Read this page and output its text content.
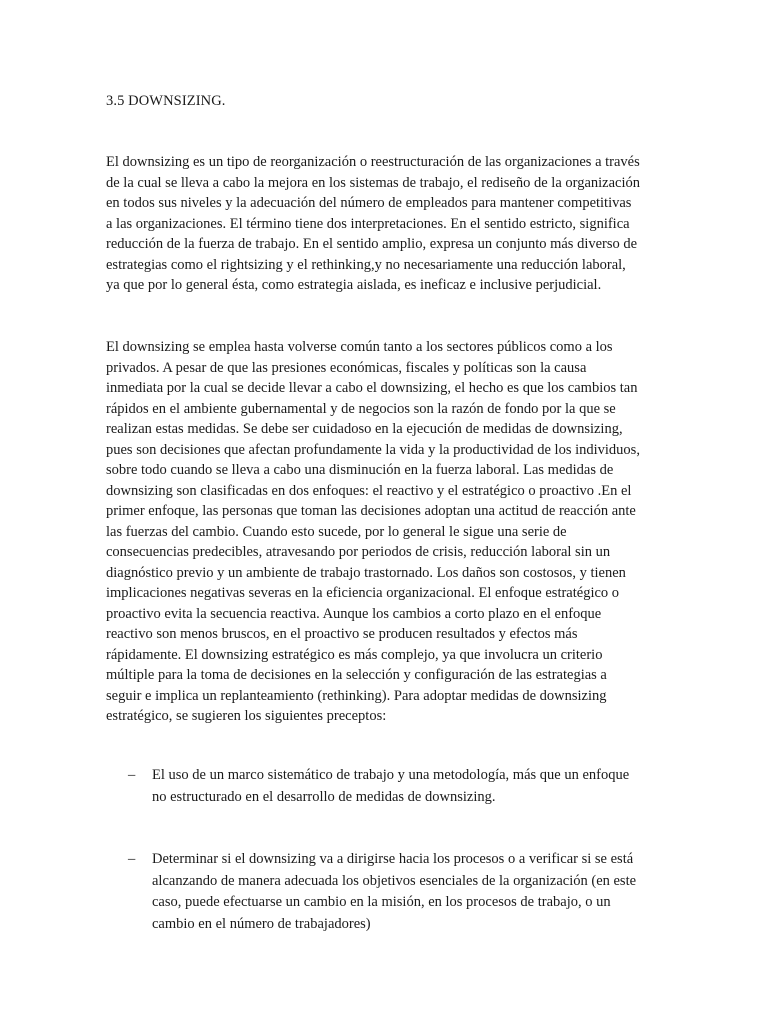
3.5 DOWNSIZING.

El downsizing es un tipo de reorganización o reestructuración de las organizaciones a través
de la cual se lleva a cabo la mejora en los sistemas de trabajo, el rediseño de la organización
en todos sus niveles y la adecuación del número de empleados para mantener competitivas
a las organizaciones. El término tiene dos interpretaciones. En el sentido estricto, significa
reducción de la fuerza de trabajo. En el sentido amplio, expresa un conjunto más diverso de
estrategias como el rightsizing y el rethinking,y no necesariamente una reducción laboral,
ya que por lo general ésta, como estrategia aislada, es ineficaz e inclusive perjudicial.

El downsizing se emplea hasta volverse común tanto a los sectores públicos como a los
privados. A pesar de que las presiones económicas, fiscales y políticas son la causa
inmediata por la cual se decide llevar a cabo el downsizing, el hecho es que los cambios tan
rápidos en el ambiente gubernamental y de negocios son la razón de fondo por la que se
realizan estas medidas. Se debe ser cuidadoso en la ejecución de medidas de downsizing,
pues son decisiones que afectan profundamente la vida y la productividad de los individuos,
sobre todo cuando se lleva a cabo una disminución en la fuerza laboral. Las medidas de
downsizing son clasificadas en dos enfoques: el reactivo y el estratégico o proactivo .En el
primer enfoque, las personas que toman las decisiones adoptan una actitud de reacción ante
las fuerzas del cambio. Cuando esto sucede, por lo general le sigue una serie de
consecuencias predecibles, atravesando por periodos de crisis, reducción laboral sin un
diagnóstico previo y un ambiente de trabajo trastornado. Los daños son costosos, y tienen
implicaciones negativas severas en la eficiencia organizacional. El enfoque estratégico o
proactivo evita la secuencia reactiva. Aunque los cambios a corto plazo en el enfoque
reactivo son menos bruscos, en el proactivo se producen resultados y efectos más
rápidamente. El downsizing estratégico es más complejo, ya que involucra un criterio
múltiple para la toma de decisiones en la selección y configuración de las estrategias a
seguir e implica un replanteamiento (rethinking). Para adoptar medidas de downsizing
estratégico, se sugieren los siguientes preceptos:

– El uso de un marco sistemático de trabajo y una metodología, más que un enfoque
no estructurado en el desarrollo de medidas de downsizing.
– Determinar si el downsizing va a dirigirse hacia los procesos o a verificar si se está
alcanzando de manera adecuada los objetivos esenciales de la organización (en este
caso, puede efectuarse un cambio en la misión, en los procesos de trabajo, o un
cambio en el número de trabajadores)
